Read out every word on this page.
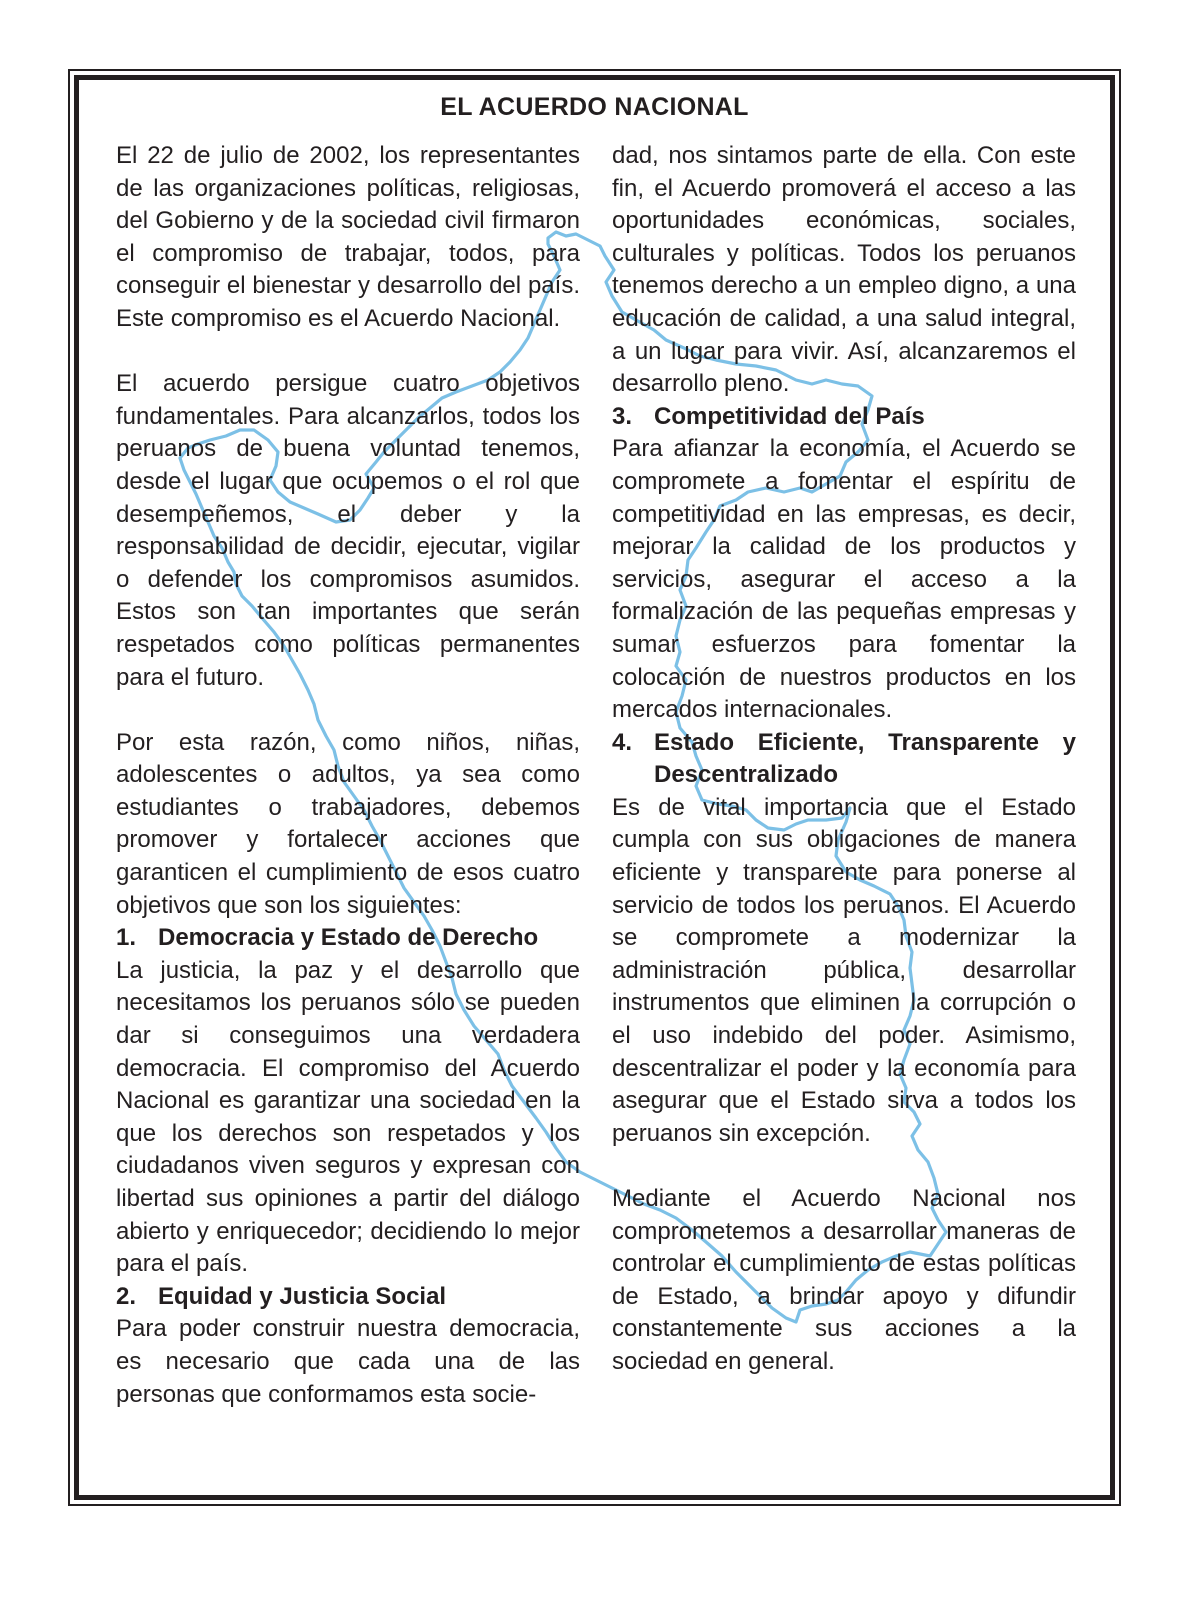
EL ACUERDO NACIONAL

El 22 de julio de 2002, los representantes de las organizaciones políticas, religiosas, del Gobierno y de la sociedad civil firmaron el compromiso de trabajar, todos, para conseguir el bienestar y desarrollo del país. Este compromiso es el Acuerdo Nacional.

El acuerdo persigue cuatro objetivos fundamentales. Para alcanzarlos, todos los peruanos de buena voluntad tenemos, desde el lugar que ocupemos o el rol que desempeñemos, el deber y la responsabilidad de decidir, ejecutar, vigilar o defender los compromisos asumidos. Estos son tan importantes que serán respetados como políticas permanentes para el futuro.

Por esta razón, como niños, niñas, adolescentes o adultos, ya sea como estudiantes o trabajadores, debemos promover y fortalecer acciones que garanticen el cumplimiento de esos cuatro objetivos que son los siguientes:

1. Democracia y Estado de Derecho

La justicia, la paz y el desarrollo que necesitamos los peruanos sólo se pueden dar si conseguimos una verdadera democracia. El compromiso del Acuerdo Nacional es garantizar una sociedad en la que los derechos son respetados y los ciudadanos viven seguros y expresan con libertad sus opiniones a partir del diálogo abierto y enriquecedor; decidiendo lo mejor para el país.

2. Equidad y Justicia Social

Para poder construir nuestra democracia, es necesario que cada una de las personas que conformamos esta socie-

dad, nos sintamos parte de ella. Con este fin, el Acuerdo promoverá el acceso a las oportunidades económicas, sociales, culturales y políticas. Todos los peruanos tenemos derecho a un empleo digno, a una educación de calidad, a una salud integral, a un lugar para vivir. Así, alcanzaremos el desarrollo pleno.

3. Competitividad del País

Para afianzar la economía, el Acuerdo se compromete a fomentar el espíritu de competitividad en las empresas, es decir, mejorar la calidad de los productos y servicios, asegurar el acceso a la formalización de las pequeñas empresas y sumar esfuerzos para fomentar la colocación de nuestros productos en los mercados internacionales.

4. Estado Eficiente, Transparente y Descentralizado

Es de vital importancia que el Estado cumpla con sus obligaciones de manera eficiente y transparente para ponerse al servicio de todos los peruanos. El Acuerdo se compromete a modernizar la administración pública, desarrollar instrumentos que eliminen la corrupción o el uso indebido del poder. Asimismo, descentralizar el poder y la economía para asegurar que el Estado sirva a todos los peruanos sin excepción.

Mediante el Acuerdo Nacional nos comprometemos a desarrollar maneras de controlar el cumplimiento de estas políticas de Estado, a brindar apoyo y difundir constantemente sus acciones a la sociedad en general.
